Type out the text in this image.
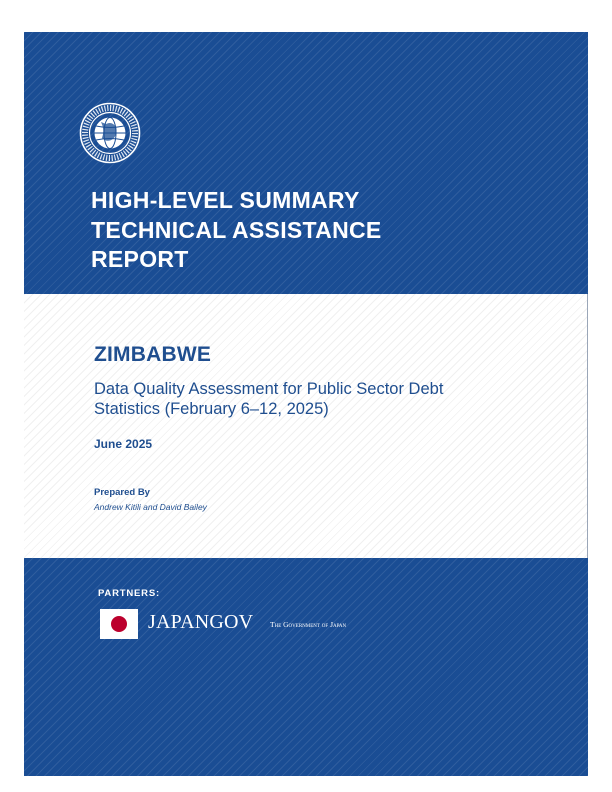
HIGH-LEVEL SUMMARY
TECHNICAL ASSISTANCE
REPORT
ZIMBABWE
Data Quality Assessment for Public Sector Debt
Statistics (February 6–12, 2025)
June 2025
Prepared By
Andrew Kitili and David Bailey
PARTNERS:
JAPANGOV The Government of Japan
